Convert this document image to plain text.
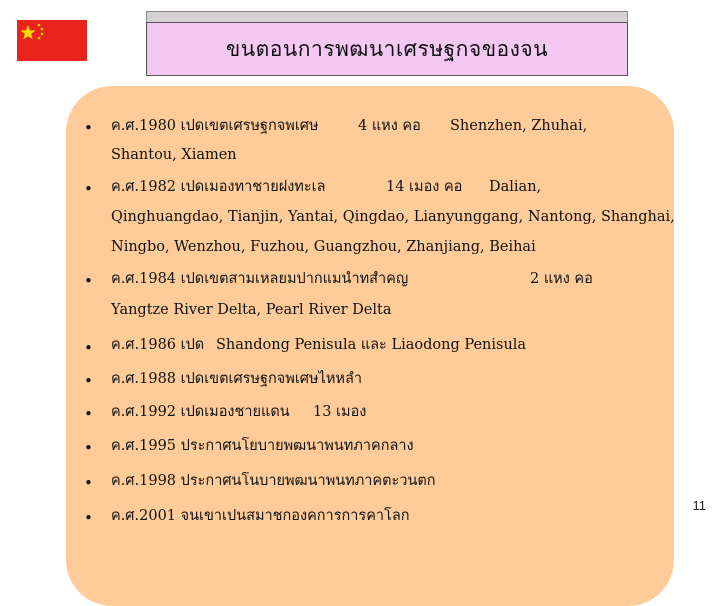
ขนตอนการพฒนาเศรษฐกจของจน
• ค.ศ.1980 เปดเขตเศรษฐกจพเศษ	4 แหง คอ Shenzhen, Zhuhai,
Shantou, Xiamen
• ค.ศ.1982 เปดเมองทาชายฝงทะเล	14 เมอง คอ Dalian,
Qinghuangdao, Tianjin, Yantai, Qingdao, Lianyunggang, Nantong, Shanghai,
Ningbo, Wenzhou, Fuzhou, Guangzhou, Zhanjiang, Beihai
• ค.ศ.1984 เปดเขตสามเหลยมปากแมนำทสำคญ	2 แหง คอ
Yangtze River Delta, Pearl River Delta
• ค.ศ.1986 เปด Shandong Penisula และ Liaodong Penisula
• ค.ศ.1988 เปดเขตเศรษฐกจพเศษไหหลำ
• ค.ศ.1992 เปดเมองชายแดน 13 เมอง
• ค.ศ.1995 ประกาศนโยบายพฒนาพนทภาคกลาง
• ค.ศ.1998 ประกาศนโนบายพฒนาพนทภาคตะวนตก
• ค.ศ.2001 จนเขาเปนสมาชกองคการการคาโลก
11
